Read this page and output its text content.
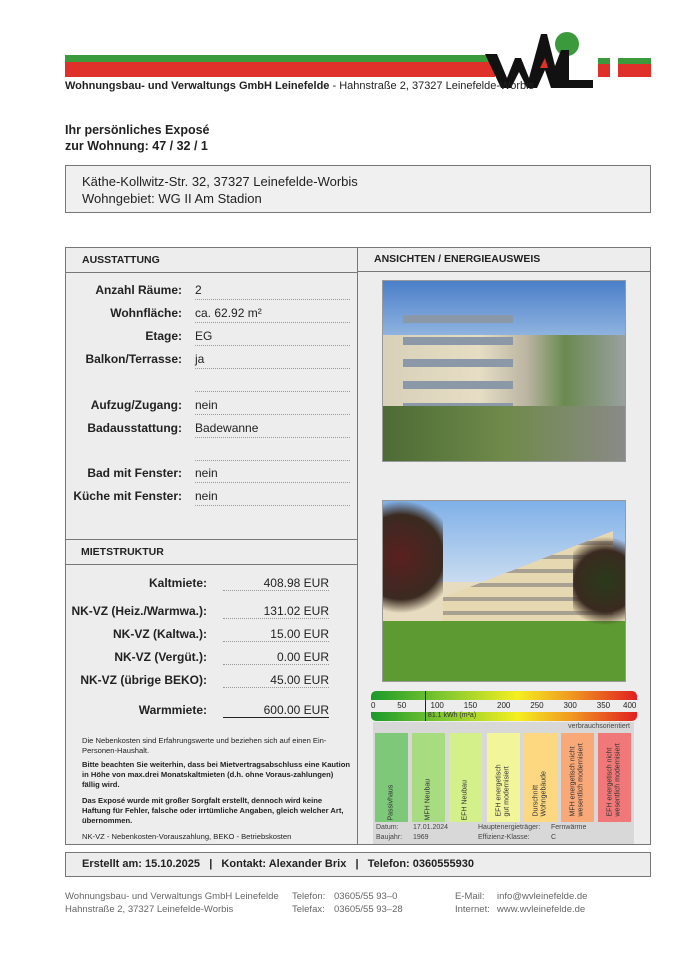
Wohnungsbau- und Verwaltungs GmbH Leinefelde - Hahnstraße 2, 37327 Leinefelde-Worbis
Ihr persönliches Exposé
zur Wohnung: 47 / 32 / 1
Käthe-Kollwitz-Str. 32, 37327 Leinefelde-Worbis
Wohngebiet: WG II Am Stadion
AUSSTATTUNG	ANSICHTEN / ENERGIEAUSWEIS
Anzahl Räume: 2
Wohnfläche: ca. 62.92 m²
Etage: EG
Balkon/Terrasse: ja
Aufzug/Zugang: nein
Badausstattung: Badewanne
Bad mit Fenster: nein
Küche mit Fenster: nein
MIETSTRUKTUR
Kaltmiete:	408.98 EUR
NK-VZ (Heiz./Warmwa.):	131.02 EUR
NK-VZ (Kaltwa.):	15.00 EUR
NK-VZ (Vergüt.):	0.00 EUR
NK-VZ (übrige BEKO):	45.00 EUR
Warmmiete:	600.00 EUR
Die Nebenkosten sind Erfahrungswerte und beziehen sich auf einen Ein-Personen-Haushalt.
Bitte beachten Sie weiterhin, dass bei Mietvertragsabschluss eine Kaution in Höhe von max.drei Monatskaltmieten (d.h. ohne Voraus-zahlungen) fällig wird.
Das Exposé wurde mit großer Sorgfalt erstellt, dennoch wird keine Haftung für Fehler, falsche oder irrtümliche Angaben, gleich welcher Art, übernommen.
NK-VZ - Nebenkosten-Vorauszahlung, BEKO - Betriebskosten
0	50	100 150 200 250 300 350 400
81.1 kWh (m²a)
verbrauchsorientiert
Passivhaus	MFH Neubau	EFH Neubau	EFH energetisch
gut modernisiert	Durschnitt
Wohngebäude	MFH energetisch nicht
wesentlich modernisiert
EFH energetisch nicht
wesentlich modernisiert
Datum: 17.01.2024	Hauptenergieträger: Fernwärme
Baujahr: 1969	Effizienz-Klasse:	C
Erstellt am: 15.10.2025   |   Kontakt: Alexander Brix   |   Telefon: 0360555930
Wohnungsbau- und Verwaltungs GmbH Leinefelde
Hahnstraße 2, 37327 Leinefelde-Worbis
Telefon: 03605/55 93–0
Telefax: 03605/55 93–28
E-Mail: info@wvleinefelde.de
Internet: www.wvleinefelde.de
